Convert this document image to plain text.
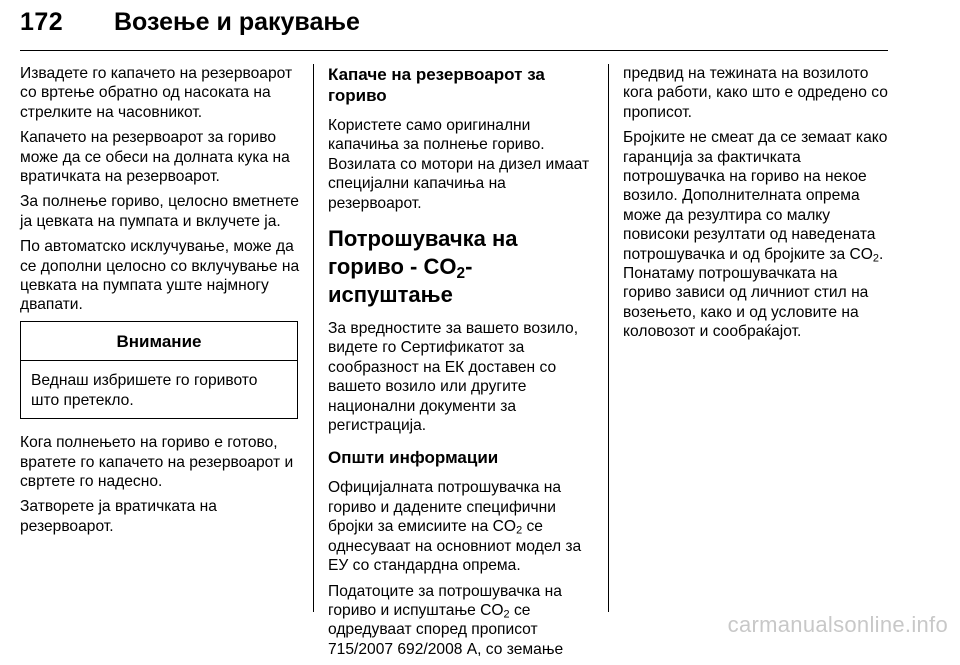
172 Возење и ракување

Извадете го капачето на резервоарот со вртење обратно од насоката на стрелките на часовникот.

Капачето на резервоарот за гориво може да се обеси на долната кука на вратичката на резервоарот.

За полнење гориво, целосно вметнете ја цевката на пумпата и вклучете ја.

По автоматско исклучување, може да се дополни целосно со вклучување на цевката на пумпата уште најмногу двапати.

Внимание
Веднаш избришете го горивото што претекло.

Кога полнењето на гориво е готово, вратете го капачето на резервоарот и свртете го надесно.

Затворете ја вратичката на резервоарот.

Капаче на резервоарот за гориво

Користете само оригинални капачиња за полнење гориво. Возилата со мотори на дизел имаат специјални капачиња на резервоарот.

Потрошувачка на гориво - $CO_2$-испуштање

За вредностите за вашето возило, видете го Сертификатот за сообразност на ЕК доставен со вашето возило или другите национални документи за регистрација.

Општи информации

Официјалната потрошувачка на гориво и дадените специфични бројки за емисиите на $CO_2$ се однесуваат на основниот модел за ЕУ со стандардна опрема.

Податоците за потрошувачка на гориво и испуштање $CO_2$ се одредуваат според прописот 715/2007 692/2008 А, со земање

предвид на тежината на возилото кога работи, како што е одредено со прописот.

Бројките не смеат да се земаат како гаранција за фактичката потрошувачка на гориво на некое возило. Дополнителната опрема може да резултира со малку повисоки резултати од наведената потрошувачка и од бројките за $CO_2$. Понатаму потрошувачката на гориво зависи од личниот стил на возењето, како и од условите на коловозот и сообраќајот.

carmanualsonline.info
